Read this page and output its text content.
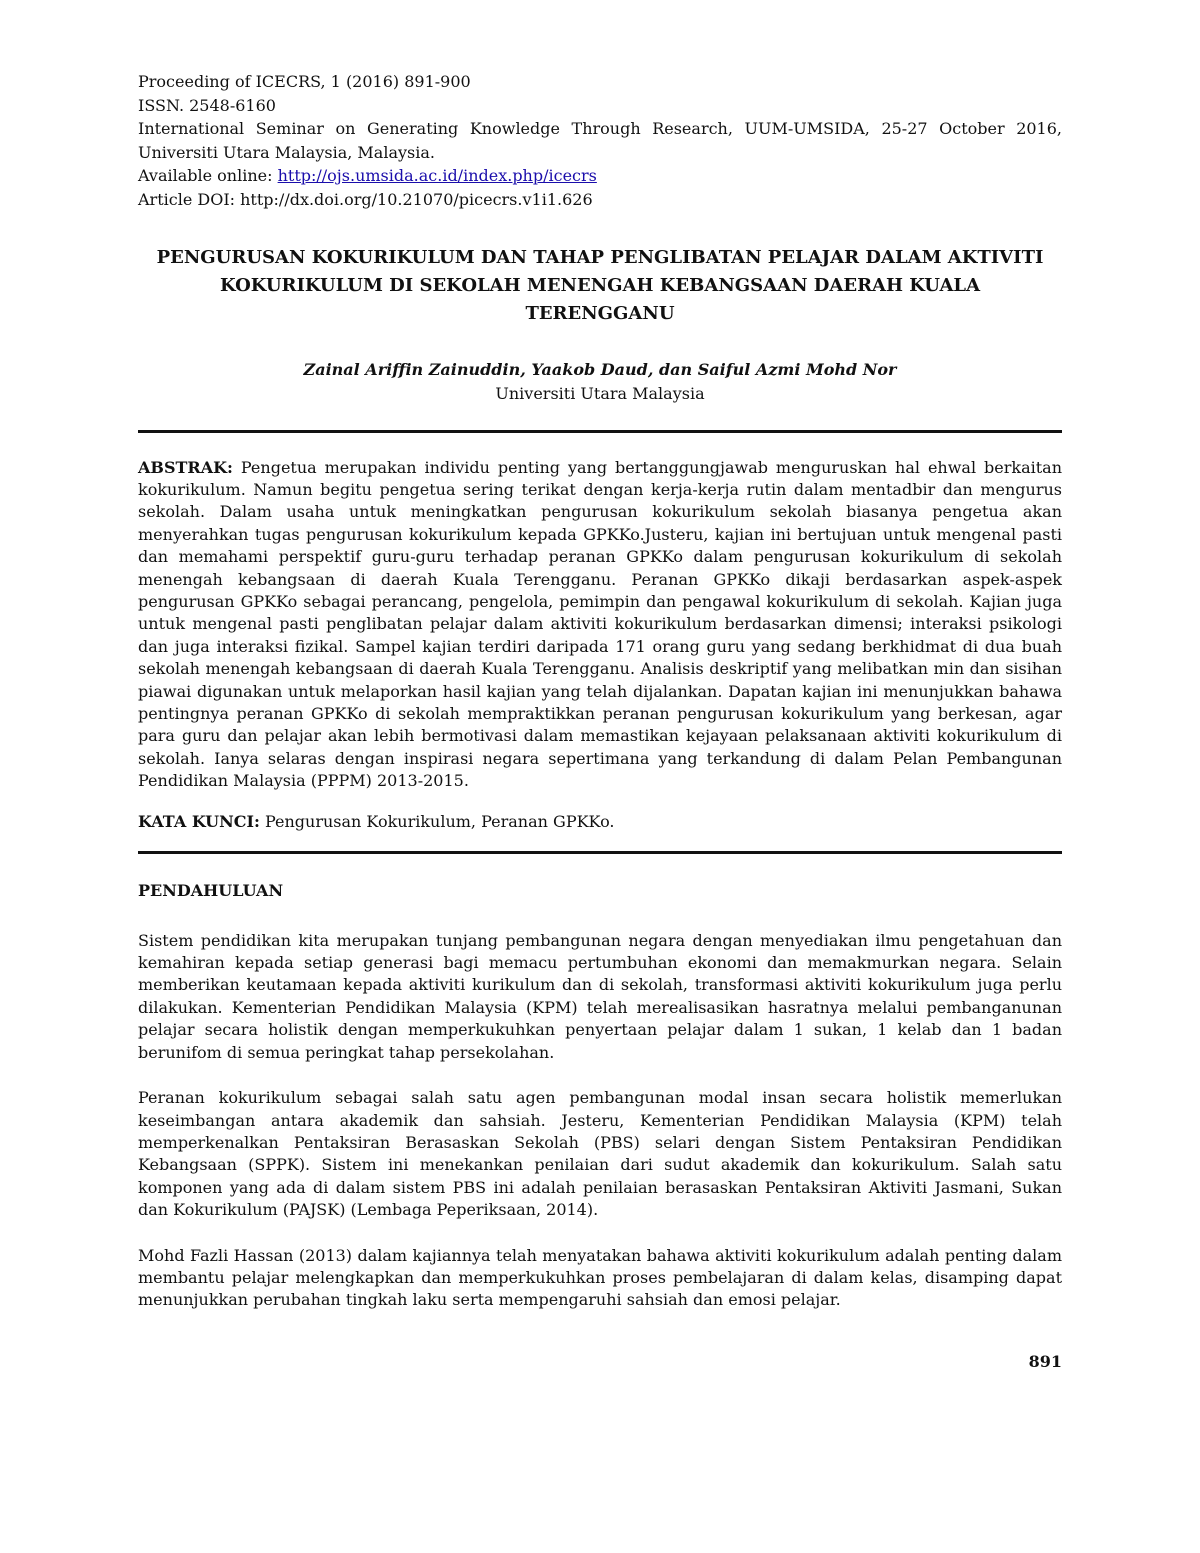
Proceeding of ICECRS, 1 (2016) 891-900
ISSN. 2548-6160
International Seminar on Generating Knowledge Through Research, UUM-UMSIDA, 25-27 October 2016,
Universiti Utara Malaysia, Malaysia.
Available online: http://ojs.umsida.ac.id/index.php/icecrs
Article DOI: http://dx.doi.org/10.21070/picecrs.v1i1.626
PENGURUSAN KOKURIKULUM DAN TAHAP PENGLIBATAN PELAJAR DALAM AKTIVITI
KOKURIKULUM DI SEKOLAH MENENGAH KEBANGSAAN DAERAH KUALA
TERENGGANU
Zainal Ariffin Zainuddin, Yaakob Daud, dan Saiful Azmi Mohd Nor
Universiti Utara Malaysia

ABSTRAK: Pengetua merupakan individu penting yang bertanggungjawab menguruskan hal ehwal berkaitan kokurikulum. Namun begitu pengetua sering terikat dengan kerja-kerja rutin dalam mentadbir dan mengurus sekolah. Dalam usaha untuk meningkatkan pengurusan kokurikulum sekolah biasanya pengetua akan menyerahkan tugas pengurusan kokurikulum kepada GPKKo.Justeru, kajian ini bertujuan untuk mengenal pasti dan memahami perspektif guru-guru terhadap peranan GPKKo dalam pengurusan kokurikulum di sekolah menengah kebangsaan di daerah Kuala Terengganu. Peranan GPKKo dikaji berdasarkan aspek-aspek pengurusan GPKKo sebagai perancang, pengelola, pemimpin dan pengawal kokurikulum di sekolah. Kajian juga untuk mengenal pasti penglibatan pelajar dalam aktiviti kokurikulum berdasarkan dimensi; interaksi psikologi dan juga interaksi fizikal. Sampel kajian terdiri daripada 171 orang guru yang sedang berkhidmat di dua buah sekolah menengah kebangsaan di daerah Kuala Terengganu. Analisis deskriptif yang melibatkan min dan sisihan piawai digunakan untuk melaporkan hasil kajian yang telah dijalankan. Dapatan kajian ini menunjukkan bahawa pentingnya peranan GPKKo di sekolah mempraktikkan peranan pengurusan kokurikulum yang berkesan, agar para guru dan pelajar akan lebih bermotivasi dalam memastikan kejayaan pelaksanaan aktiviti kokurikulum di sekolah. Ianya selaras dengan inspirasi negara sepertimana yang terkandung di dalam Pelan Pembangunan Pendidikan Malaysia (PPPM) 2013-2015.

KATA KUNCI: Pengurusan Kokurikulum, Peranan GPKKo.

PENDAHULUAN

Sistem pendidikan kita merupakan tunjang pembangunan negara dengan menyediakan ilmu pengetahuan dan kemahiran kepada setiap generasi bagi memacu pertumbuhan ekonomi dan memakmurkan negara. Selain memberikan keutamaan kepada aktiviti kurikulum dan di sekolah, transformasi aktiviti kokurikulum juga perlu dilakukan. Kementerian Pendidikan Malaysia (KPM) telah merealisasikan hasratnya melalui pembanganunan pelajar secara holistik dengan memperkukuhkan penyertaan pelajar dalam 1 sukan, 1 kelab dan 1 badan berunifom di semua peringkat tahap persekolahan.

Peranan kokurikulum sebagai salah satu agen pembangunan modal insan secara holistik memerlukan keseimbangan antara akademik dan sahsiah. Jesteru, Kementerian Pendidikan Malaysia (KPM) telah memperkenalkan Pentaksiran Berasaskan Sekolah (PBS) selari dengan Sistem Pentaksiran Pendidikan Kebangsaan (SPPK). Sistem ini menekankan penilaian dari sudut akademik dan kokurikulum. Salah satu komponen yang ada di dalam sistem PBS ini adalah penilaian berasaskan Pentaksiran Aktiviti Jasmani, Sukan dan Kokurikulum (PAJSK) (Lembaga Peperiksaan, 2014).

Mohd Fazli Hassan (2013) dalam kajiannya telah menyatakan bahawa aktiviti kokurikulum adalah penting dalam membantu pelajar melengkapkan dan memperkukuhkan proses pembelajaran di dalam kelas, disamping dapat menunjukkan perubahan tingkah laku serta mempengaruhi sahsiah dan emosi pelajar.

891
